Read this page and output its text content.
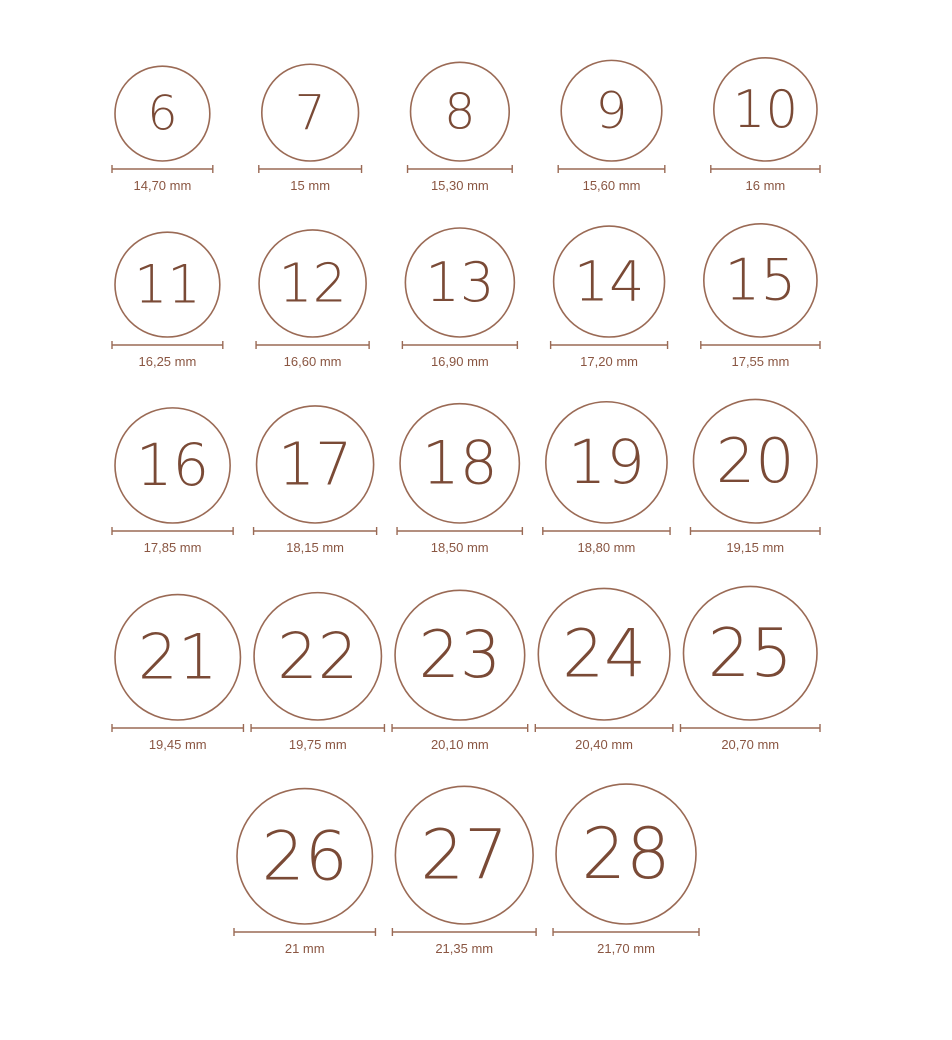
6
14,70 mm
7
15 mm
8
15,30 mm
9
15,60 mm
10
16 mm
11
16,25 mm
12
16,60 mm
13
16,90 mm
14
17,20 mm
15
17,55 mm
16
17,85 mm
17
18,15 mm
18
18,50 mm
19
18,80 mm
20
19,15 mm
21
19,45 mm
22
19,75 mm
23
20,10 mm
24
20,40 mm
25
20,70 mm
26
21 mm
27
21,35 mm
28
21,70 mm
